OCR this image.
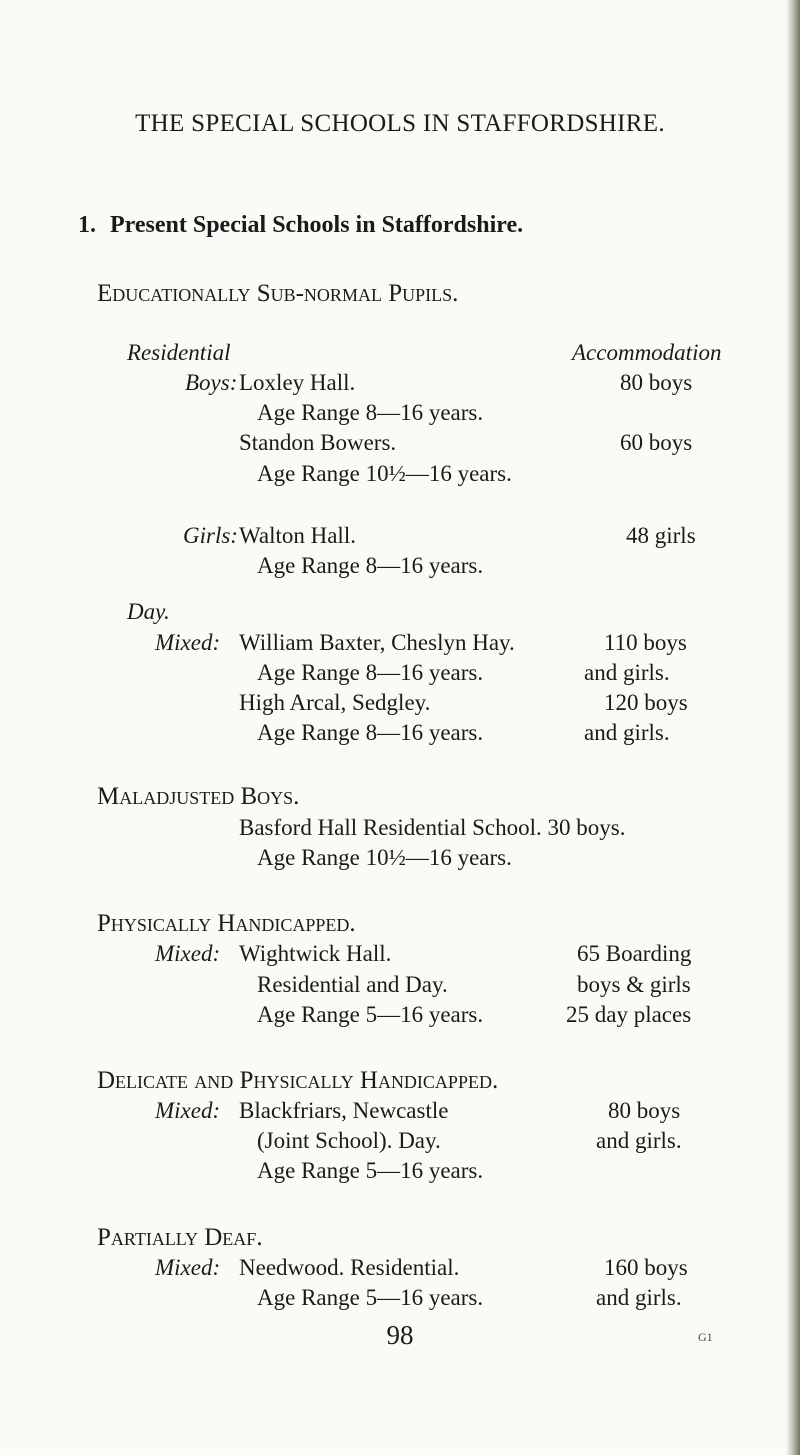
THE SPECIAL SCHOOLS IN STAFFORDSHIRE.
1. Present Special Schools in Staffordshire.
Educationally Sub-normal Pupils.
Residential	Accommodation
Boys: Loxley Hall.	80 boys
Age Range 8—16 years.
Standon Bowers.	60 boys
Age Range 10½—16 years.
Girls: Walton Hall.	48 girls
Age Range 8—16 years.
Day.
Mixed: William Baxter, Cheslyn Hay.	110 boys
Age Range 8—16 years.	and girls.
High Arcal, Sedgley.	120 boys
Age Range 8—16 years.	and girls.
Maladjusted Boys.
Basford Hall Residential School. 30 boys.
Age Range 10½—16 years.
Physically Handicapped.
Mixed: Wightwick Hall.	65 Boarding
Residential and Day.	boys & girls
Age Range 5—16 years.	25 day places
Delicate and Physically Handicapped.
Mixed: Blackfriars, Newcastle	80 boys
(Joint School). Day.	and girls.
Age Range 5—16 years.
Partially Deaf.
Mixed: Needwood. Residential.	160 boys
Age Range 5—16 years.	and girls.
98	G1
